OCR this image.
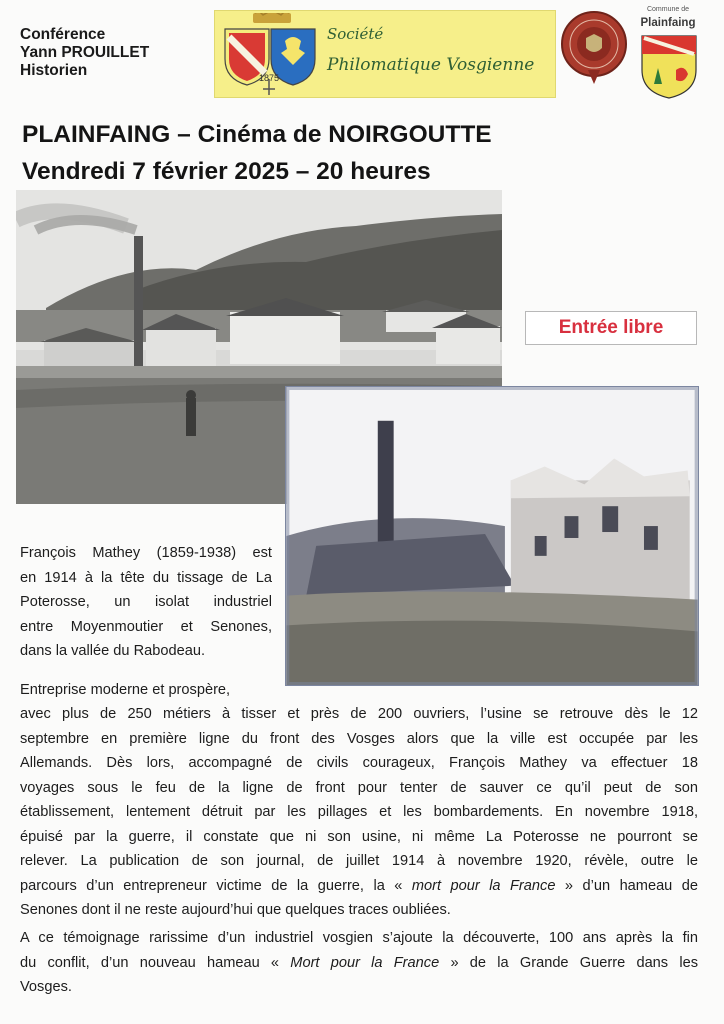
Conférence
Yann PROUILLET
Historien	1875
Société
Philomatique Vosgienne
Commune de
Plainfaing
PLAINFAING – Cinéma de NOIRGOUTTE
Vendredi 7 février 2025 – 20 heures
Entrée libre
François Mathey (1859-1938) est
en 1914 à la tête du tissage de La
Poterosse, un isolat industriel
entre Moyenmoutier et Senones,
dans la vallée du Rabodeau.
Entreprise moderne et prospère,
avec plus de 250 métiers à tisser et près de 200 ouvriers, l’usine se retrouve dès le 12
septembre en première ligne du front des Vosges alors que la ville est occupée par les
Allemands. Dès lors, accompagné de civils courageux, François Mathey va effectuer 18
voyages sous le feu de la ligne de front pour tenter de sauver ce qu’il peut de son
établissement, lentement détruit par les pillages et les bombardements. En novembre 1918,
épuisé par la guerre, il constate que ni son usine, ni même La Poterosse ne pourront se
relever. La publication de son journal, de juillet 1914 à novembre 1920, révèle, outre le
parcours d’un entrepreneur victime de la guerre, la « mort pour la France » d’un hameau de
Senones dont il ne reste aujourd’hui que quelques traces oubliées.
A ce témoignage rarissime d’un industriel vosgien s’ajoute la découverte, 100 ans après la fin
du conflit, d’un nouveau hameau « Mort pour la France » de la Grande Guerre dans les
Vosges.
